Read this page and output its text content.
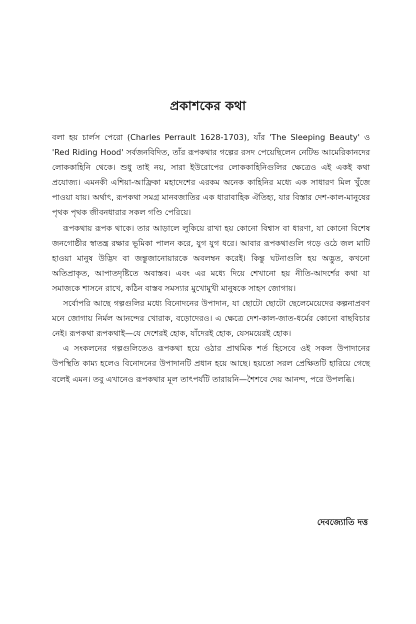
প্রকাশকের কথা

বলা হয় চার্লস পেরো (Charles Perrault 1628-1703), যাঁর 'The Sleeping Beauty' ও 'Red Riding Hood' সর্বজনবিদিত, তাঁর রূপকথার গল্পের রসদ পেয়েছিলেন নেটিভ আমেরিকানদের লোককাহিনি থেকে। শুধু তাই নয়, সারা ইউরোপের লোককাহিনিগুলির ক্ষেত্রেও এই একই কথা প্রযোজ্য। এমনকী এশিয়া-আফ্রিকা মহাদেশের এরকম অনেক কাহিনির মধ্যে এক সাধারণ মিল খুঁজে পাওয়া যায়। অর্থাৎ, রূপকথা সমগ্র মানবজাতির এক ধারাবাহিক ঐতিহ্য, যার বিস্তার দেশ-কাল-মানুষের পৃথক পৃথক জীবনধারার সকল গণ্ডি পেরিয়ে।

রূপকথায় রূপক থাকে। তার আড়ালে লুকিয়ে রাখা হয় কোনো বিশ্বাস বা ধারণা, যা কোনো বিশেষ জনগোষ্ঠীর স্বাতন্ত্র রক্ষার ভূমিকা পালন করে, যুগ যুগ ধরে। আবার রূপকথাগুলি গড়ে ওঠে জল মাটি হাওয়া মানুষ উদ্ভিদ বা জন্তুজানোয়ারকে অবলম্বন করেই। কিন্তু ঘটনাগুলি হয় অদ্ভুত, কখনো অতিপ্রাকৃত, আপাতদৃষ্টিতে অবাস্তব। এবং এর মধ্যে দিয়ে শেখানো হয় নীতি-আদর্শের কথা যা সমাজকে শাসনে রাখে, কঠিন বাস্তব সমস্যার মুখোমুখী মানুষকে সাহস জোগায়।

সর্বোপরি আছে গল্পগুলির মধ্যে বিনোদনের উপাদান, যা ছোটো ছোটো ছেলেমেয়েদের কল্পনাপ্রবণ মনে জোগায় নির্মল আনন্দের খোরাক, বড়োদেরও। এ ক্ষেত্রে দেশ-কাল-জাত-ধর্মের কোনো বাছবিচার নেই। রূপকথা রূপকথাই—যে দেশেরই হোক, যাঁদেরই হোক, যেসময়েরই হোক।

এ সংকলনের গল্পগুলিতেও রূপকথা হয়ে ওঠার প্রাথমিক শর্ত হিসেবে ওই সকল উপাদানের উপস্থিতি কাম্য হলেও বিনোদনের উপাদানটি প্রধান হয়ে আছে। হয়তো সরল প্রেক্ষিতটি হারিয়ে গেছে বলেই এমন। তবু এখানেও রূপকথার মূল তাৎপর্যটি তারায়নি—শৈশবে দেয় আনন্দ, পরে উপলব্ধি।

দেবজ্যোতি দত্ত
